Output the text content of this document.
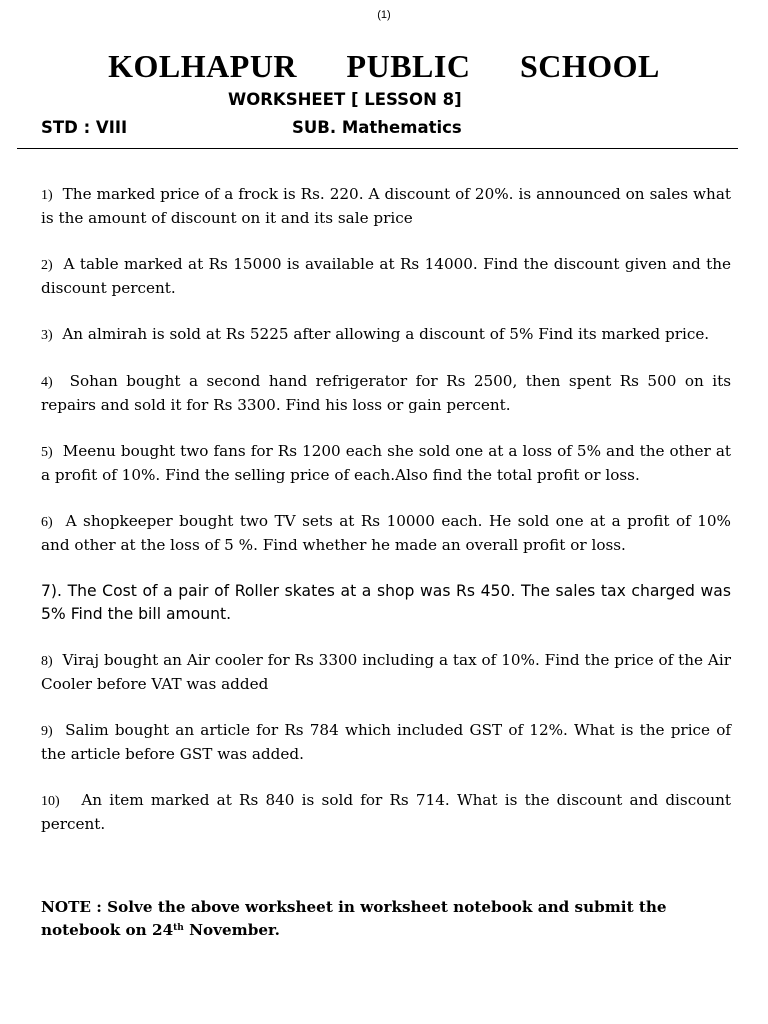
(1)
KOLHAPUR   PUBLIC   SCHOOL
WORKSHEET [ LESSON 8]
STD : VIII	SUB. Mathematics
1) The marked price of a frock is Rs. 220. A discount of 20%. is announced on sales what is the amount of discount on it and its sale price
2) A table marked at Rs 15000 is available at Rs 14000. Find the discount given and the discount percent.
3) An almirah is sold at Rs 5225 after allowing a discount of 5% Find its marked price.
4) Sohan bought a second hand refrigerator for Rs 2500, then spent Rs 500 on its repairs and sold it for Rs 3300. Find his loss or gain percent.
5) Meenu bought two fans for Rs 1200 each she sold one at a loss of 5% and the other at a profit of 10%. Find the selling price of each.Also find the total profit or loss.
6) A shopkeeper bought two TV sets at Rs 10000 each. He sold one at a profit of 10% and other at the loss of 5 %. Find whether he made an overall profit or loss.
7). The Cost of a pair of Roller skates at a shop was Rs 450. The sales tax charged was 5% Find the bill amount.
8) Viraj bought an Air cooler for Rs 3300 including a tax of 10%. Find the price of the Air Cooler before VAT was added
9) Salim bought an article for Rs 784 which included GST of 12%. What is the price of the article before GST was added.
10) An item marked at Rs 840 is sold for Rs 714. What is the discount and discount percent.

NOTE : Solve the above worksheet in worksheet notebook and submit the notebook on 24th November.
